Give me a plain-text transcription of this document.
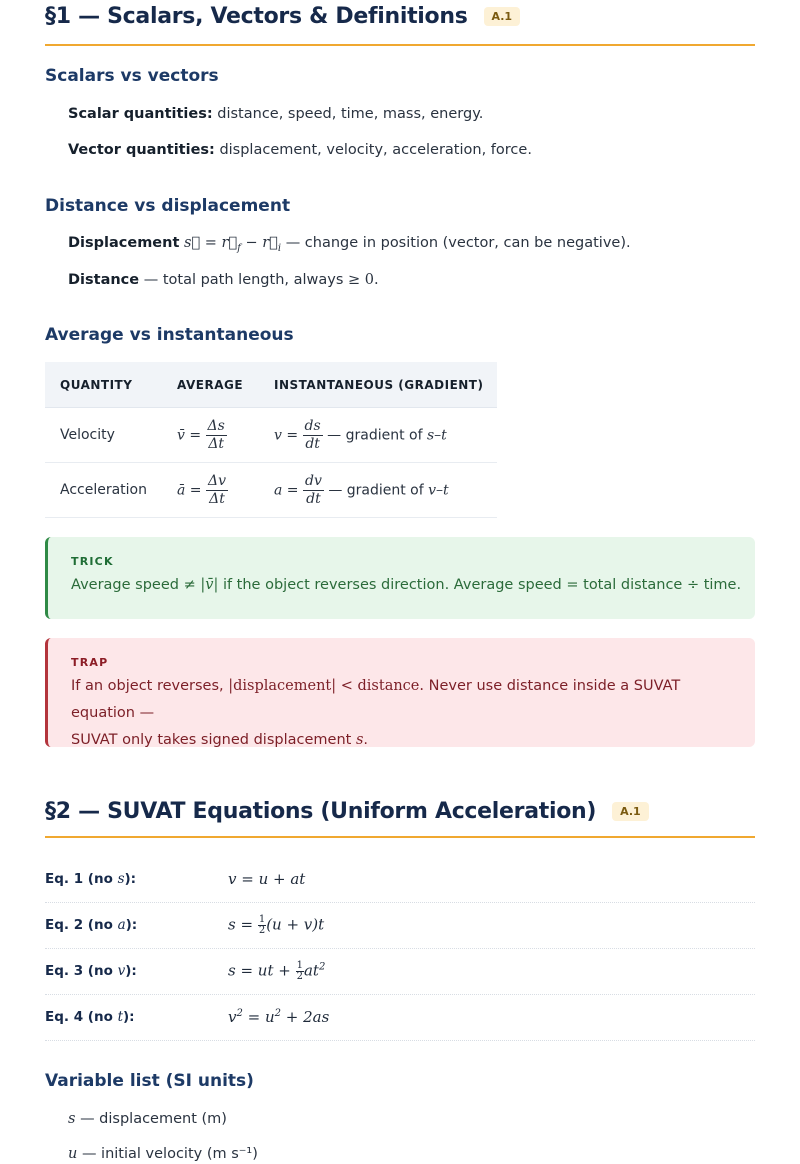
§1 — Scalars, Vectors & Definitions	A.1
Scalars vs vectors
Scalar quantities: distance, speed, time, mass, energy.
Vector quantities: displacement, velocity, acceleration, force.
Distance vs displacement
Displacement s⃗ = $r⃗_f$ − $r⃗_i$ — change in position (vector, can be negative).
Distance — total path length, always ≥ 0.
Average vs instantaneous
QUANTITY	AVERAGE	INSTANTANEOUS (GRADIENT)
Velocity	v̄ = $\frac{\Delta s}{\Delta t}$	$v = \frac{ds}{dt}$ — gradient of s–t
Acceleration	ā = $\frac{\Delta v}{\Delta t}$	$a = \frac{dv}{dt}$ — gradient of v–t
TRICK
Average speed ≠ |v̄| if the object reverses direction. Average speed = total distance ÷ time.
TRAP
If an object reverses, |displacement| < distance. Never use distance inside a SUVAT equation —
SUVAT only takes signed displacement s.
§2 — SUVAT Equations (Uniform Acceleration)	A.1
Eq. 1 (no s):	v = u + at
Eq. 2 (no a):	$s = \frac{1}{2} (u + v)t$
Eq. 3 (no v):	s = ut + $\frac{1}{2} at^2$
Eq. 4 (no t):	$v^2 = u^2 + 2as$
Variable list (SI units)
s — displacement (m)
u — initial velocity (m s⁻¹)
